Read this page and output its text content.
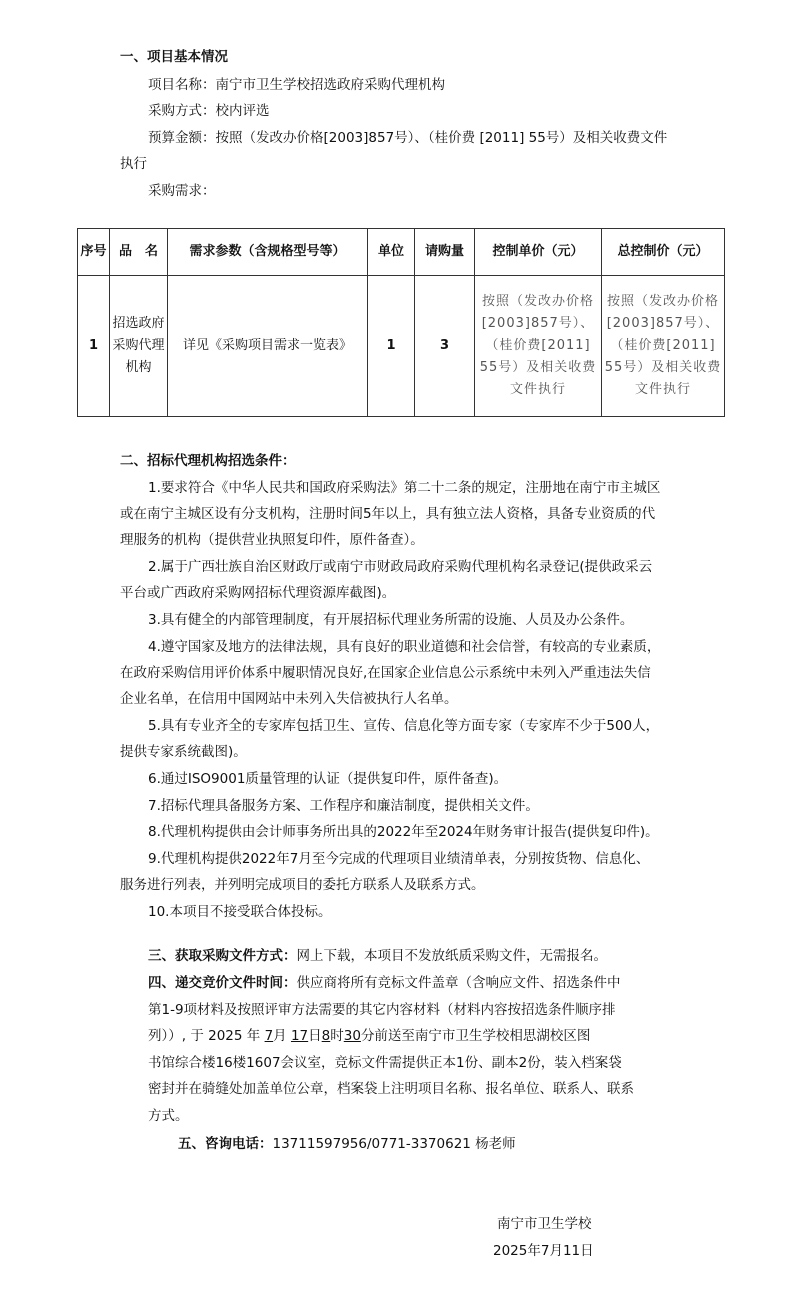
一、项目基本情况
项目名称：南宁市卫生学校招选政府采购代理机构
采购方式：校内评选
预算金额：按照（发改办价格[2003]857号）、（桂价费 [2011] 55号）及相关收费文件
执行
采购需求：
序号	品　名	需求参数（含规格型号等）	单位	请购量	控制单价（元）	总控制价（元）
1	招选政府采购代理机构	详见《采购项目需求一览表》	1	3	按照（发改办价格[2003]857号）、（桂价费[2011] 55号）及相关收费文件执行	按照（发改办价格[2003]857号）、（桂价费[2011] 55号）及相关收费文件执行
二、招标代理机构招选条件：
1.要求符合《中华人民共和国政府采购法》第二十二条的规定，注册地在南宁市主城区
或在南宁主城区设有分支机构，注册时间5年以上，具有独立法人资格，具备专业资质的代
理服务的机构（提供营业执照复印件，原件备查）。
2.属于广西壮族自治区财政厅或南宁市财政局政府采购代理机构名录登记(提供政采云
平台或广西政府采购网招标代理资源库截图)。
3.具有健全的内部管理制度，有开展招标代理业务所需的设施、人员及办公条件。
4.遵守国家及地方的法律法规，具有良好的职业道德和社会信誉，有较高的专业素质，
在政府采购信用评价体系中履职情况良好,在国家企业信息公示系统中未列入严重违法失信
企业名单，在信用中国网站中未列入失信被执行人名单。
5.具有专业齐全的专家库包括卫生、宣传、信息化等方面专家（专家库不少于500人，
提供专家系统截图)。
6.通过ISO9001质量管理的认证（提供复印件，原件备查)。
7.招标代理具备服务方案、工作程序和廉洁制度，提供相关文件。
8.代理机构提供由会计师事务所出具的2022年至2024年财务审计报告(提供复印件)。
9.代理机构提供2022年7月至今完成的代理项目业绩清单表，分别按货物、信息化、
服务进行列表，并列明完成项目的委托方联系人及联系方式。
10.本项目不接受联合体投标。
三、获取采购文件方式：网上下载，本项目不发放纸质采购文件，无需报名。
四、递交竞价文件时间：供应商将所有竞标文件盖章（含响应文件、招选条件中
第1-9项材料及按照评审方法需要的其它内容材料（材料内容按招选条件顺序排
列））, 于 2025 年 7月 17日8时30分前送至南宁市卫生学校相思湖校区图
书馆综合楼16楼1607会议室，竞标文件需提供正本1份、副本2份，装入档案袋
密封并在骑缝处加盖单位公章，档案袋上注明项目名称、报名单位、联系人、联系
方式。
五、咨询电话：13711597956/0771-3370621 杨老师
南宁市卫生学校
2025年7月11日
